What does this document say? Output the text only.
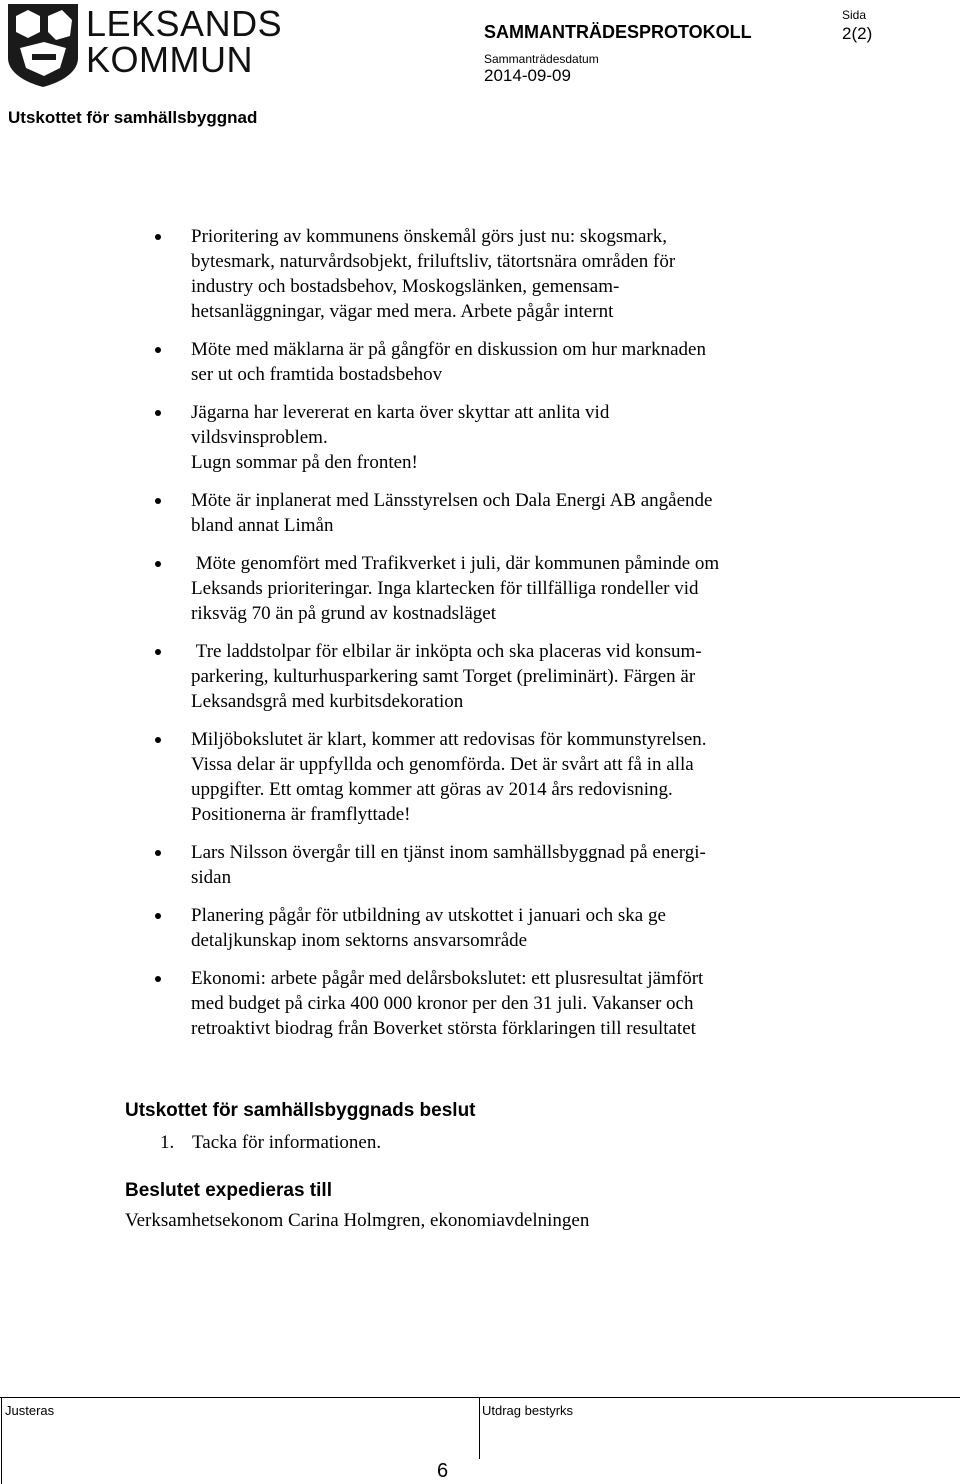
LEKSANDS
KOMMUN
SAMMANTRÄDESPROTOKOLL
Sammanträdesdatum
2014-09-09
Sida
2(2)
Utskottet för samhällsbyggnad
Prioritering av kommunens önskemål görs just nu: skogsmark,
bytesmark, naturvårdsobjekt, friluftsliv, tätortsnära områden för
industry och bostadsbehov, Moskogslänken, gemensam-
hetsanläggningar, vägar med mera. Arbete pågår internt
Möte med mäklarna är på gångför en diskussion om hur marknaden
ser ut och framtida bostadsbehov
Jägarna har levererat en karta över skyttar att anlita vid
vildsvinsproblem.
Lugn sommar på den fronten!
Möte är inplanerat med Länsstyrelsen och Dala Energi AB angående
bland annat Limån
Möte genomfört med Trafikverket i juli, där kommunen påminde om
Leksands prioriteringar. Inga klartecken för tillfälliga rondeller vid
riksväg 70 än på grund av kostnadsläget
Tre laddstolpar för elbilar är inköpta och ska placeras vid konsum-
parkering, kulturhusparkering samt Torget (preliminärt). Färgen är
Leksandsgrå med kurbitsdekoration
Miljöbokslutet är klart, kommer att redovisas för kommunstyrelsen.
Vissa delar är uppfyllda och genomförda. Det är svårt att få in alla
uppgifter. Ett omtag kommer att göras av 2014 års redovisning.
Positionerna är framflyttade!
Lars Nilsson övergår till en tjänst inom samhällsbyggnad på energi-
sidan
Planering pågår för utbildning av utskottet i januari och ska ge
detaljkunskap inom sektorns ansvarsområde
Ekonomi: arbete pågår med delårsbokslutet: ett plusresultat jämfört
med budget på cirka 400 000 kronor per den 31 juli. Vakanser och
retroaktivt biodrag från Boverket största förklaringen till resultatet
Utskottet för samhällsbyggnads beslut
1. Tacka för informationen.
Beslutet expedieras till
Verksamhetsekonom Carina Holmgren, ekonomiavdelningen
Justeras	Utdrag bestyrks
6
